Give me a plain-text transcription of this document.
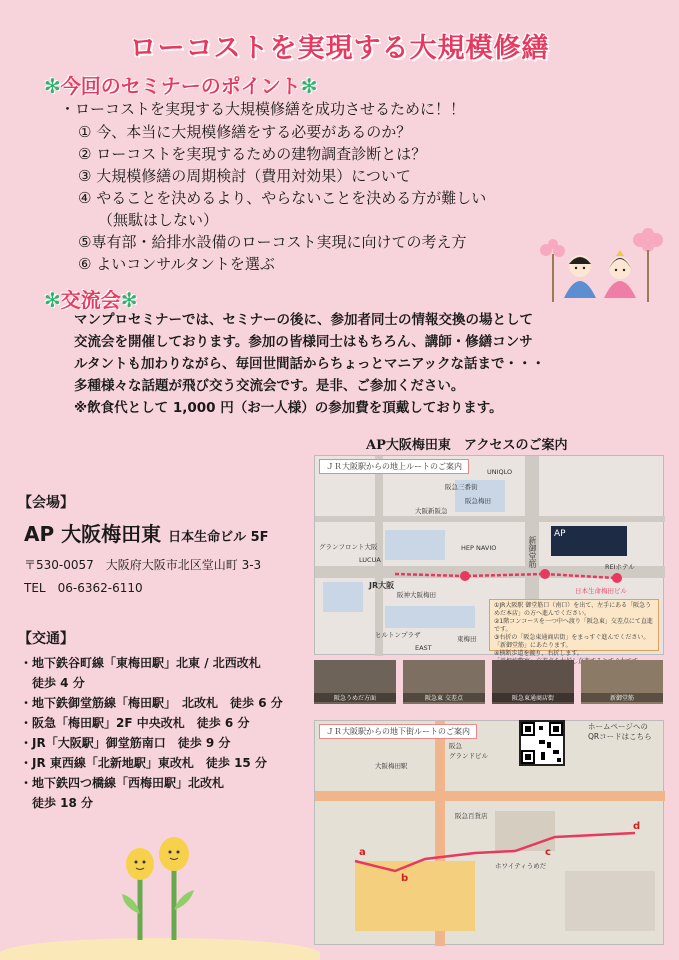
ローコストを実現する大規模修繕
✻今回のセミナーのポイント✻
・ローコストを実現する大規模修繕を成功させるために！！
① 今、本当に大規模修繕をする必要があるのか？
② ローコストを実現するための建物調査診断とは？
③ 大規模修繕の周期検討（費用対効果）について
④ やることを決めるより、やらないことを決める方が難しい
（無駄はしない）
⑤専有部・給排水設備のローコスト実現に向けての考え方
⑥ よいコンサルタントを選ぶ
✻交流会✻
マンプロセミナーでは、セミナーの後に、参加者同士の情報交換の場として
交流会を開催しております。参加の皆様同士はもちろん、講師・修繕コンサ
ルタントも加わりながら、毎回世間話からちょっとマニアックな話まで・・・
多種様々な話題が飛び交う交流会です。是非、ご参加ください。
※飲食代として 1,000 円（お一人様）の参加費を頂戴しております。
AP大阪梅田東　アクセスのご案内
ＪＲ大阪駅からの地上ルートのご案内
阪急三番街
阪急梅田
大阪新阪急
UNIQLO
グランフロント大阪
LUCUA
JR大阪
阪神大阪梅田
東梅田
HEP NAVIO	新御堂筋	REIホテル
ヒルトンプラザ
EAST
日本生命梅田ビル
AP
①JR大阪駅 御堂筋口（南口）を出て、左手にある「阪急うめだ本店」の方へ進んでください。
②1階コンコースを一つ中へ渡り「阪急東」交差点にて直進です。
③右折の「阪急東通商店街」をまっすぐ進んでください。
「新御堂筋」にあたります。
④横断歩道を渡り、右折します。
阪急うめだ方面	阪急東 交差点	阪急東通商店街	新御堂筋
ＪＲ大阪駅からの地下街ルートのご案内
a
b
c
d
阪急
グランドビル
大阪梅田駅
阪急百貨店
ホワイティうめだ
ホームページへの
QRコードはこちら
【会場】
AP 大阪梅田東 日本生命ビル 5F
〒530-0057　大阪府大阪市北区堂山町 3-3
TEL　06-6362-6110
【交通】
・ 地下鉄谷町線「東梅田駅」北東 / 北西改札
徒歩 4 分
・ 地下鉄御堂筋線「梅田駅」　北改札　徒歩 6 分
・ 阪急「梅田駅」2F 中央改札　徒歩 6 分
・ JR「大阪駅」御堂筋南口　徒歩 9 分
・ JR 東西線「北新地駅」東改札　徒歩 15 分
・ 地下鉄四つ橋線「西梅田駅」北改札
徒歩 18 分
